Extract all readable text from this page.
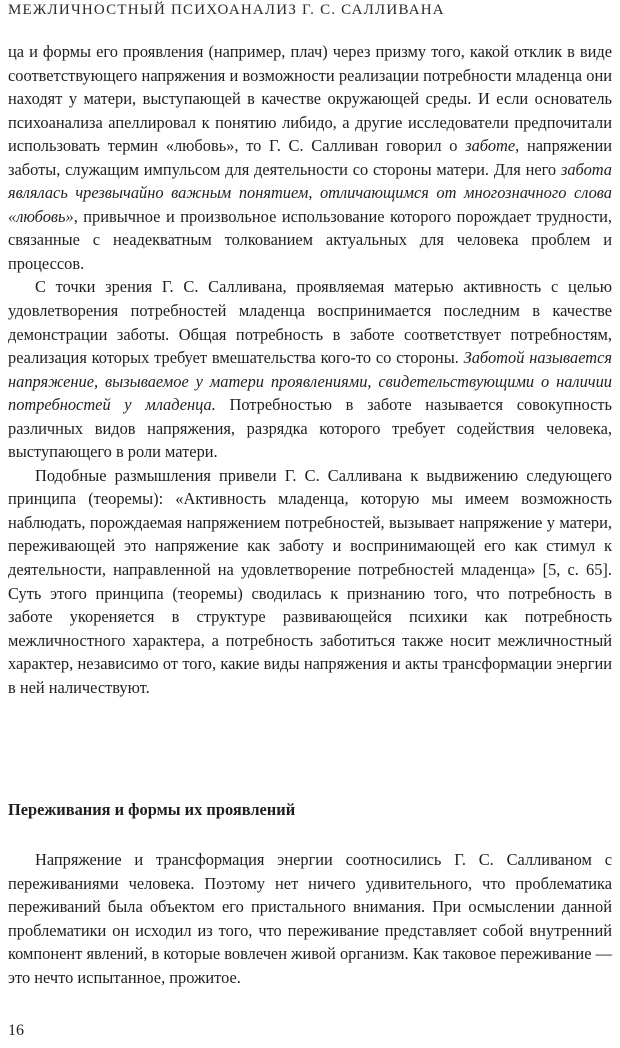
МЕЖЛИЧНОСТНЫЙ ПСИХОАНАЛИЗ Г. С. САЛЛИВАНА

ца и формы его проявления (например, плач) через призму того, какой отклик в виде соответствующего напряжения и возможности реализации потребности младенца они находят у матери, выступающей в качестве окружающей среды. И если основатель психоанализа апеллировал к понятию либидо, а другие исследователи предпочитали использовать термин «любовь», то Г. С. Салливан говорил о заботе, напряжении заботы, служащим импульсом для деятельности со стороны матери. Для него забота являлась чрезвычайно важным понятием, отличающимся от многозначного слова «любовь», привычное и произвольное использование которого порождает трудности, связанные с неадекватным толкованием актуальных для человека проблем и процессов.

С точки зрения Г. С. Салливана, проявляемая матерью активность с целью удовлетворения потребностей младенца воспринимается последним в качестве демонстрации заботы. Общая потребность в заботе соответствует потребностям, реализация которых требует вмешательства кого-то со стороны. Заботой называется напряжение, вызываемое у матери проявлениями, свидетельствующими о наличии потребностей у младенца. Потребностью в заботе называется совокупность различных видов напряжения, разрядка которого требует содействия человека, выступающего в роли матери.

Подобные размышления привели Г. С. Салливана к выдвижению следующего принципа (теоремы): «Активность младенца, которую мы имеем возможность наблюдать, порождаемая напряжением потребностей, вызывает напряжение у матери, переживающей это напряжение как заботу и воспринимающей его как стимул к деятельности, направленной на удовлетворение потребностей младенца» [5, с. 65]. Суть этого принципа (теоремы) сводилась к признанию того, что потребность в заботе укореняется в структуре развивающейся психики как потребность межличностного характера, а потребность заботиться также носит межличностный характер, независимо от того, какие виды напряжения и акты трансформации энергии в ней наличествуют.

Переживания и формы их проявлений

Напряжение и трансформация энергии соотносились Г. С. Салливаном с переживаниями человека. Поэтому нет ничего удивительного, что проблематика переживаний была объектом его пристального внимания. При осмыслении данной проблематики он исходил из того, что переживание представляет собой внутренний компонент явлений, в которые вовлечен живой организм. Как таковое переживание — это нечто испытанное, прожитое.

16
